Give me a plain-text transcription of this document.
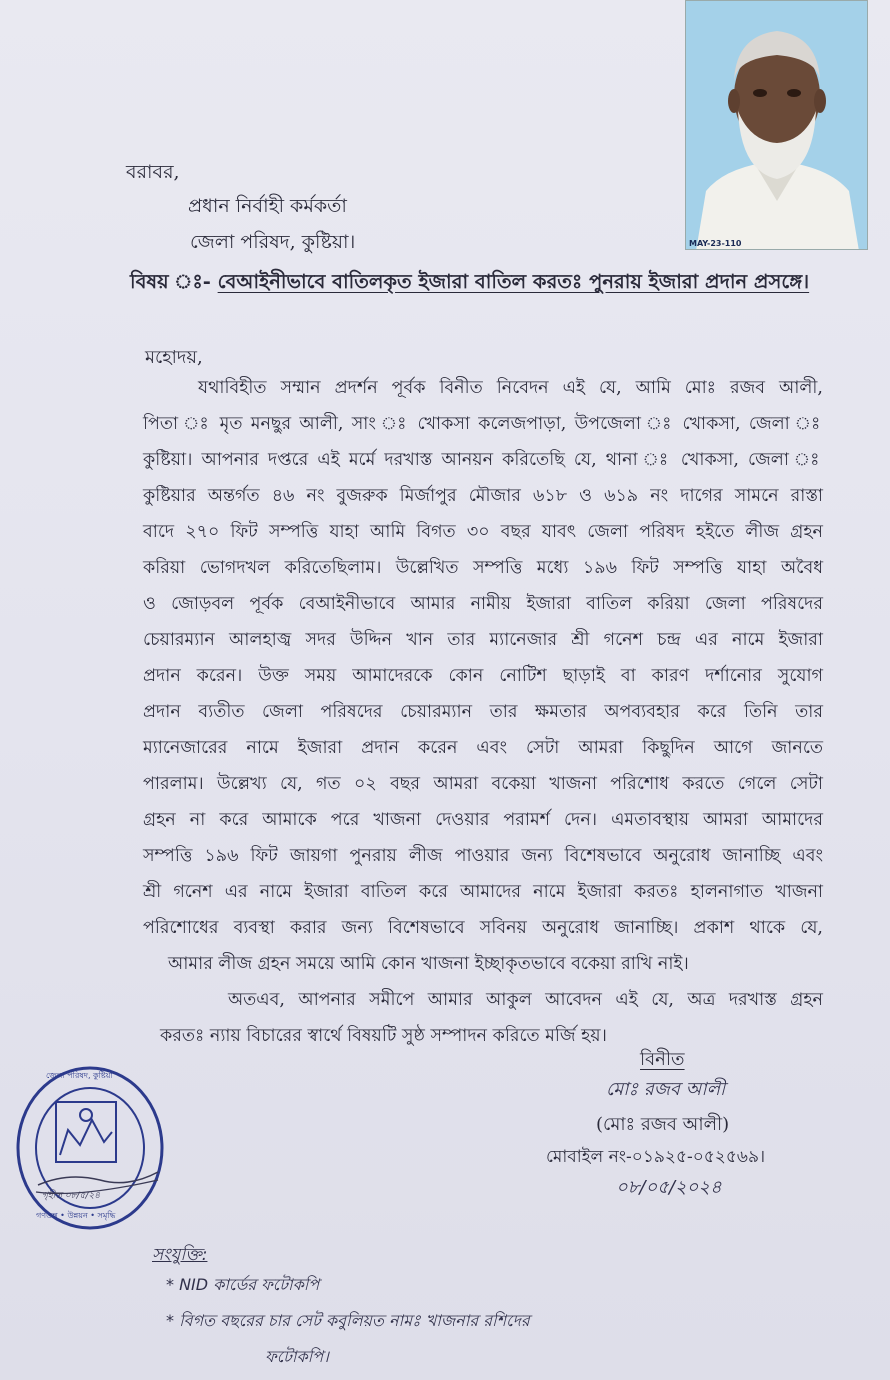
MAY-23-110
বরাবর,
প্রধান নির্বাহী কর্মকর্তা
জেলা পরিষদ, কুষ্টিয়া।
বিষয় ঃ- বেআইনীভাবে বাতিলকৃত ইজারা বাতিল করতঃ পুনরায় ইজারা প্রদান প্রসঙ্গে।
মহোদয়,
যথাবিহীত সম্মান প্রদর্শন পূর্বক বিনীত নিবেদন এই যে, আমি মোঃ রজব আলী,
পিতা ঃ মৃত মনছুর আলী, সাং ঃ খোকসা কলেজপাড়া, উপজেলা ঃ খোকসা, জেলা ঃ
কুষ্টিয়া। আপনার দপ্তরে এই মর্মে দরখাস্ত আনয়ন করিতেছি যে, থানা ঃ খোকসা, জেলা ঃ
কুষ্টিয়ার অন্তর্গত ৪৬ নং বুজরুক মির্জাপুর মৌজার ৬১৮ ও ৬১৯ নং দাগের সামনে রাস্তা
বাদে ২৭০ ফিট সম্পত্তি যাহা আমি বিগত ৩০ বছর যাবৎ জেলা পরিষদ হইতে লীজ গ্রহন
করিয়া ভোগদখল করিতেছিলাম। উল্লেখিত সম্পত্তি মধ্যে ১৯৬ ফিট সম্পত্তি যাহা অবৈধ
ও জোড়বল পূর্বক বেআইনীভাবে আমার নামীয় ইজারা বাতিল করিয়া জেলা পরিষদের
চেয়ারম্যান আলহাজ্ব সদর উদ্দিন খান তার ম্যানেজার শ্রী গনেশ চন্দ্র এর নামে ইজারা
প্রদান করেন। উক্ত সময় আমাদেরকে কোন নোটিশ ছাড়াই বা কারণ দর্শানোর সুযোগ
প্রদান ব্যতীত জেলা পরিষদের চেয়ারম্যান তার ক্ষমতার অপব্যবহার করে তিনি তার
ম্যানেজারের নামে ইজারা প্রদান করেন এবং সেটা আমরা কিছুদিন আগে জানতে
পারলাম। উল্লেখ্য যে, গত ০২ বছর আমরা বকেয়া খাজনা পরিশোধ করতে গেলে সেটা
গ্রহন না করে আমাকে পরে খাজনা দেওয়ার পরামর্শ দেন। এমতাবস্থায় আমরা আমাদের
সম্পত্তি ১৯৬ ফিট জায়গা পুনরায় লীজ পাওয়ার জন্য বিশেষভাবে অনুরোধ জানাচ্ছি এবং
শ্রী গনেশ এর নামে ইজারা বাতিল করে আমাদের নামে ইজারা করতঃ হালনাগাত খাজনা
পরিশোধের ব্যবস্থা করার জন্য বিশেষভাবে সবিনয় অনুরোধ জানাচ্ছি। প্রকাশ থাকে যে,
আমার লীজ গ্রহন সময়ে আমি কোন খাজনা ইচ্ছাকৃতভাবে বকেয়া রাখি নাই।
অতএব, আপনার সমীপে আমার আকুল আবেদন এই যে, অত্র দরখাস্ত গ্রহন
করতঃ ন্যায় বিচারের স্বার্থে বিষয়টি সুষ্ঠ সম্পাদন করিতে মর্জি হয়।
বিনীত
মোঃ রজব আলী
(মোঃ রজব আলী)
মোবাইল নং-০১৯২৫-০৫২৫৬৯।
০৮/০৫/২০২৪
জেলা পরিষদ, কুষ্টিয়া
গৃহীত ০৮/৫/২৪
গণতন্ত্র • উন্নয়ন • সমৃদ্ধি
সংযুক্তি:
* NID কার্ডের ফটোকপি
* বিগত বছরের চার সেট কবুলিয়ত নামঃ খাজনার রশিদের
ফটোকপি।
